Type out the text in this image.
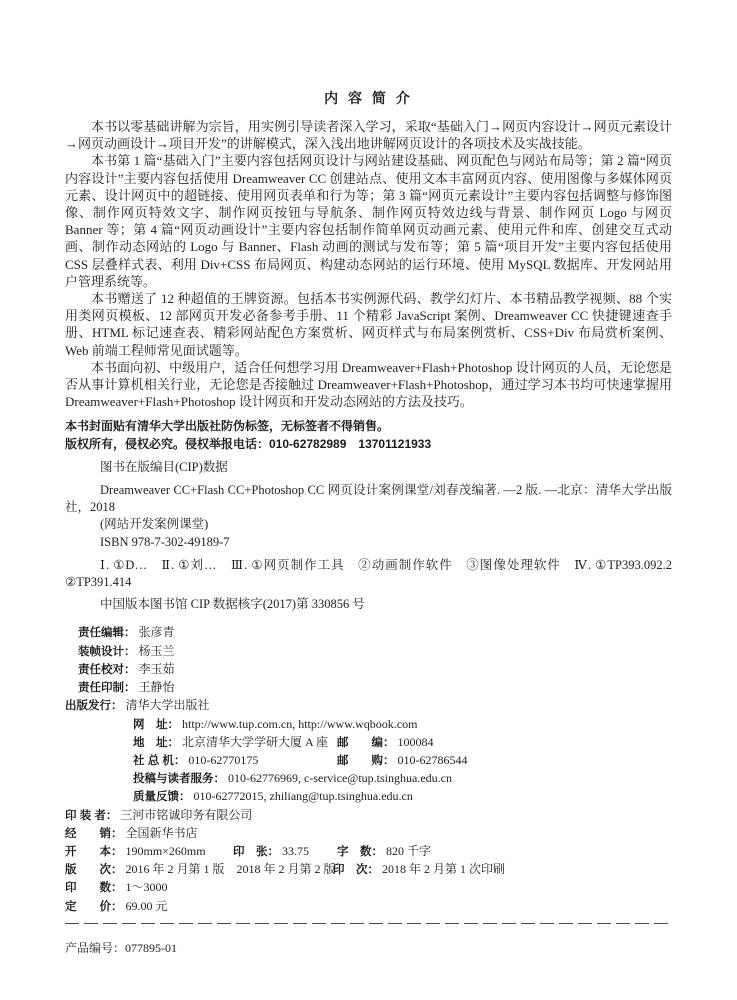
内 容 简 介

本书以零基础讲解为宗旨，用实例引导读者深入学习，采取“基础入门→网页内容设计→网页元素设计→网页动画设计→项目开发”的讲解模式，深入浅出地讲解网页设计的各项技术及实战技能。

本书第 1 篇“基础入门”主要内容包括网页设计与网站建设基础、网页配色与网站布局等；第 2 篇“网页内容设计”主要内容包括使用 Dreamweaver CC 创建站点、使用文本丰富网页内容、使用图像与多媒体网页元素、设计网页中的超链接、使用网页表单和行为等；第 3 篇“网页元素设计”主要内容包括调整与修饰图像、制作网页特效文字、制作网页按钮与导航条、制作网页特效边线与背景、制作网页 Logo 与网页 Banner 等；第 4 篇“网页动画设计”主要内容包括制作简单网页动画元素、使用元件和库、创建交互式动画、制作动态网站的 Logo 与 Banner、Flash 动画的测试与发布等；第 5 篇“项目开发”主要内容包括使用 CSS 层叠样式表、利用 Div+CSS 布局网页、构建动态网站的运行环境、使用 MySQL 数据库、开发网站用户管理系统等。

本书赠送了 12 种超值的王牌资源。包括本书实例源代码、教学幻灯片、本书精品教学视频、88 个实用类网页模板、12 部网页开发必备参考手册、11 个精彩 JavaScript 案例、Dreamweaver CC 快捷键速查手册、HTML 标记速查表、精彩网站配色方案赏析、网页样式与布局案例赏析、CSS+Div 布局赏析案例、Web 前端工程师常见面试题等。

本书面向初、中级用户，适合任何想学习用 Dreamweaver+Flash+Photoshop 设计网页的人员，无论您是否从事计算机相关行业，无论您是否接触过 Dreamweaver+Flash+Photoshop，通过学习本书均可快速掌握用 Dreamweaver+Flash+Photoshop 设计网页和开发动态网站的方法及技巧。

本书封面贴有清华大学出版社防伪标签，无标签者不得销售。

版权所有，侵权必究。侵权举报电话：010-62782989　13701121933

图书在版编目(CIP)数据

Dreamweaver CC+Flash CC+Photoshop CC 网页设计案例课堂/刘春茂编著. —2 版. —北京：清华大学出版社，2018

(网站开发案例课堂)

ISBN 978-7-302-49189-7

Ⅰ. ①D…　Ⅱ. ①刘…　Ⅲ. ①网页制作工具　②动画制作软件　③图像处理软件　Ⅳ. ①TP393.092.2 ②TP391.414

中国版本图书馆 CIP 数据核字(2017)第 330856 号

责任编辑： 张彦青
装帧设计： 杨玉兰
责任校对： 李玉茹
责任印制： 王静怡
出版发行： 清华大学出版社
网　址： http://www.tup.com.cn, http://www.wqbook.com
地　址： 北京清华大学学研大厦 A 座 邮　　编： 100084
社 总 机： 010-62770175	邮　　购： 010-62786544
投稿与读者服务： 010-62776969, c-service@tup.tsinghua.edu.cn
质量反馈： 010-62772015, zhiliang@tup.tsinghua.edu.cn
印 装 者： 三河市铭诚印务有限公司
经　　销： 全国新华书店
开　　本： 190mm×260mm 印　张： 33.75 字　数： 820 千字
版　　次： 2016 年 2 月第 1 版　2018 年 2 月第 2 版
印　次： 2018 年 2 月第 1 次印刷
印　　数： 1～3000
定　　价： 69.00 元
产品编号： 077895-01
